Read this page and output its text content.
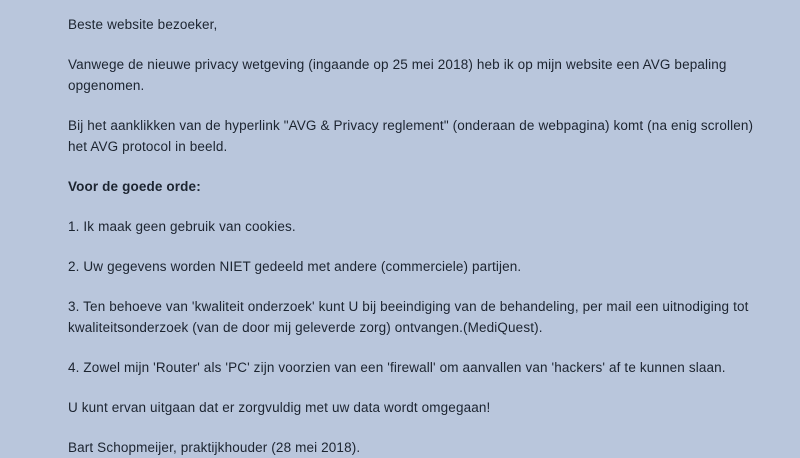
Beste website bezoeker,

Vanwege de nieuwe privacy wetgeving (ingaande op 25 mei 2018) heb ik op mijn website een AVG bepaling opgenomen.

Bij het aanklikken van de hyperlink "AVG & Privacy reglement" (onderaan de webpagina) komt (na enig scrollen) het AVG protocol in beeld.

Voor de goede orde:

1. Ik maak geen gebruik van cookies.

2. Uw gegevens worden NIET gedeeld met andere (commerciele) partijen.

3. Ten behoeve van 'kwaliteit onderzoek' kunt U bij beeindiging van de behandeling, per mail een uitnodiging tot kwaliteitsonderzoek (van de door mij geleverde zorg) ontvangen.(MediQuest).

4. Zowel mijn 'Router' als 'PC' zijn voorzien van een 'firewall' om aanvallen van 'hackers' af te kunnen slaan.

U kunt ervan uitgaan dat er zorgvuldig met uw data wordt omgegaan!

Bart Schopmeijer, praktijkhouder (28 mei 2018).
